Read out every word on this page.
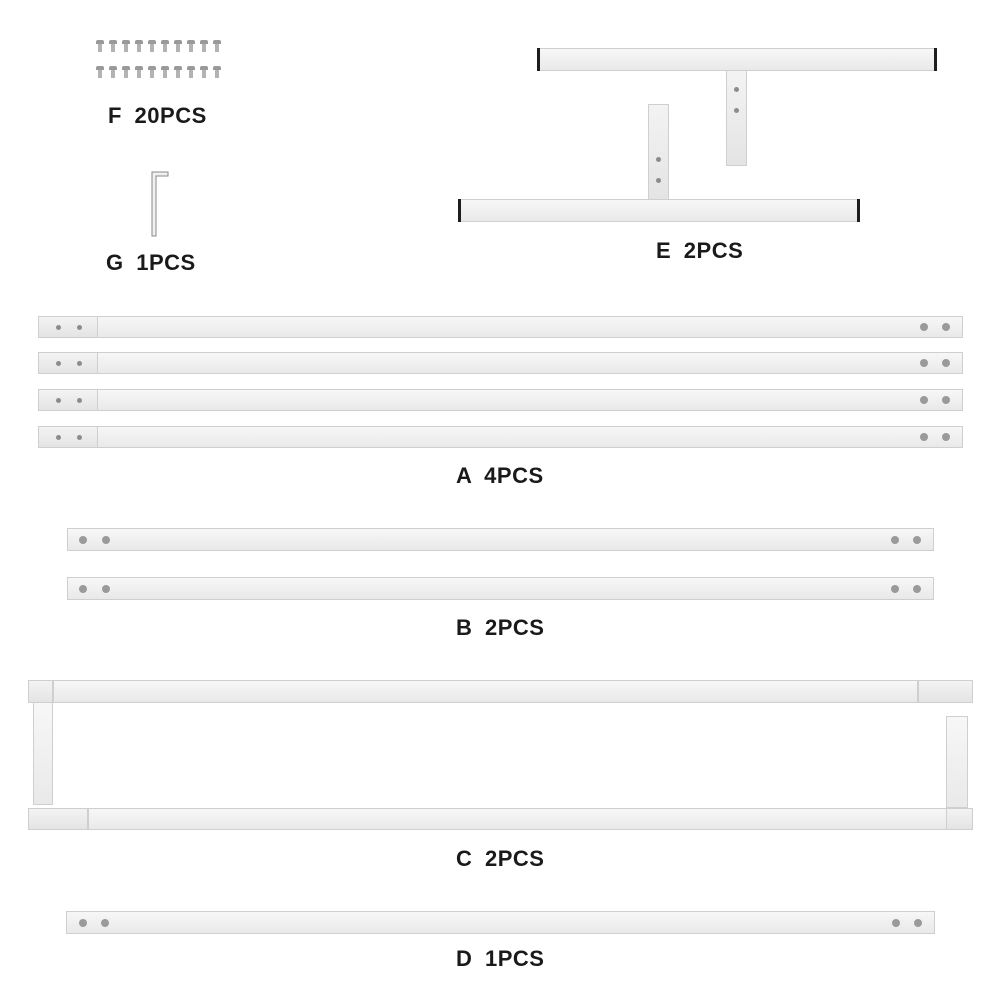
F 20PCS
G 1PCS	E 2PCS
A 4PCS
B 2PCS
C 2PCS
D 1PCS
